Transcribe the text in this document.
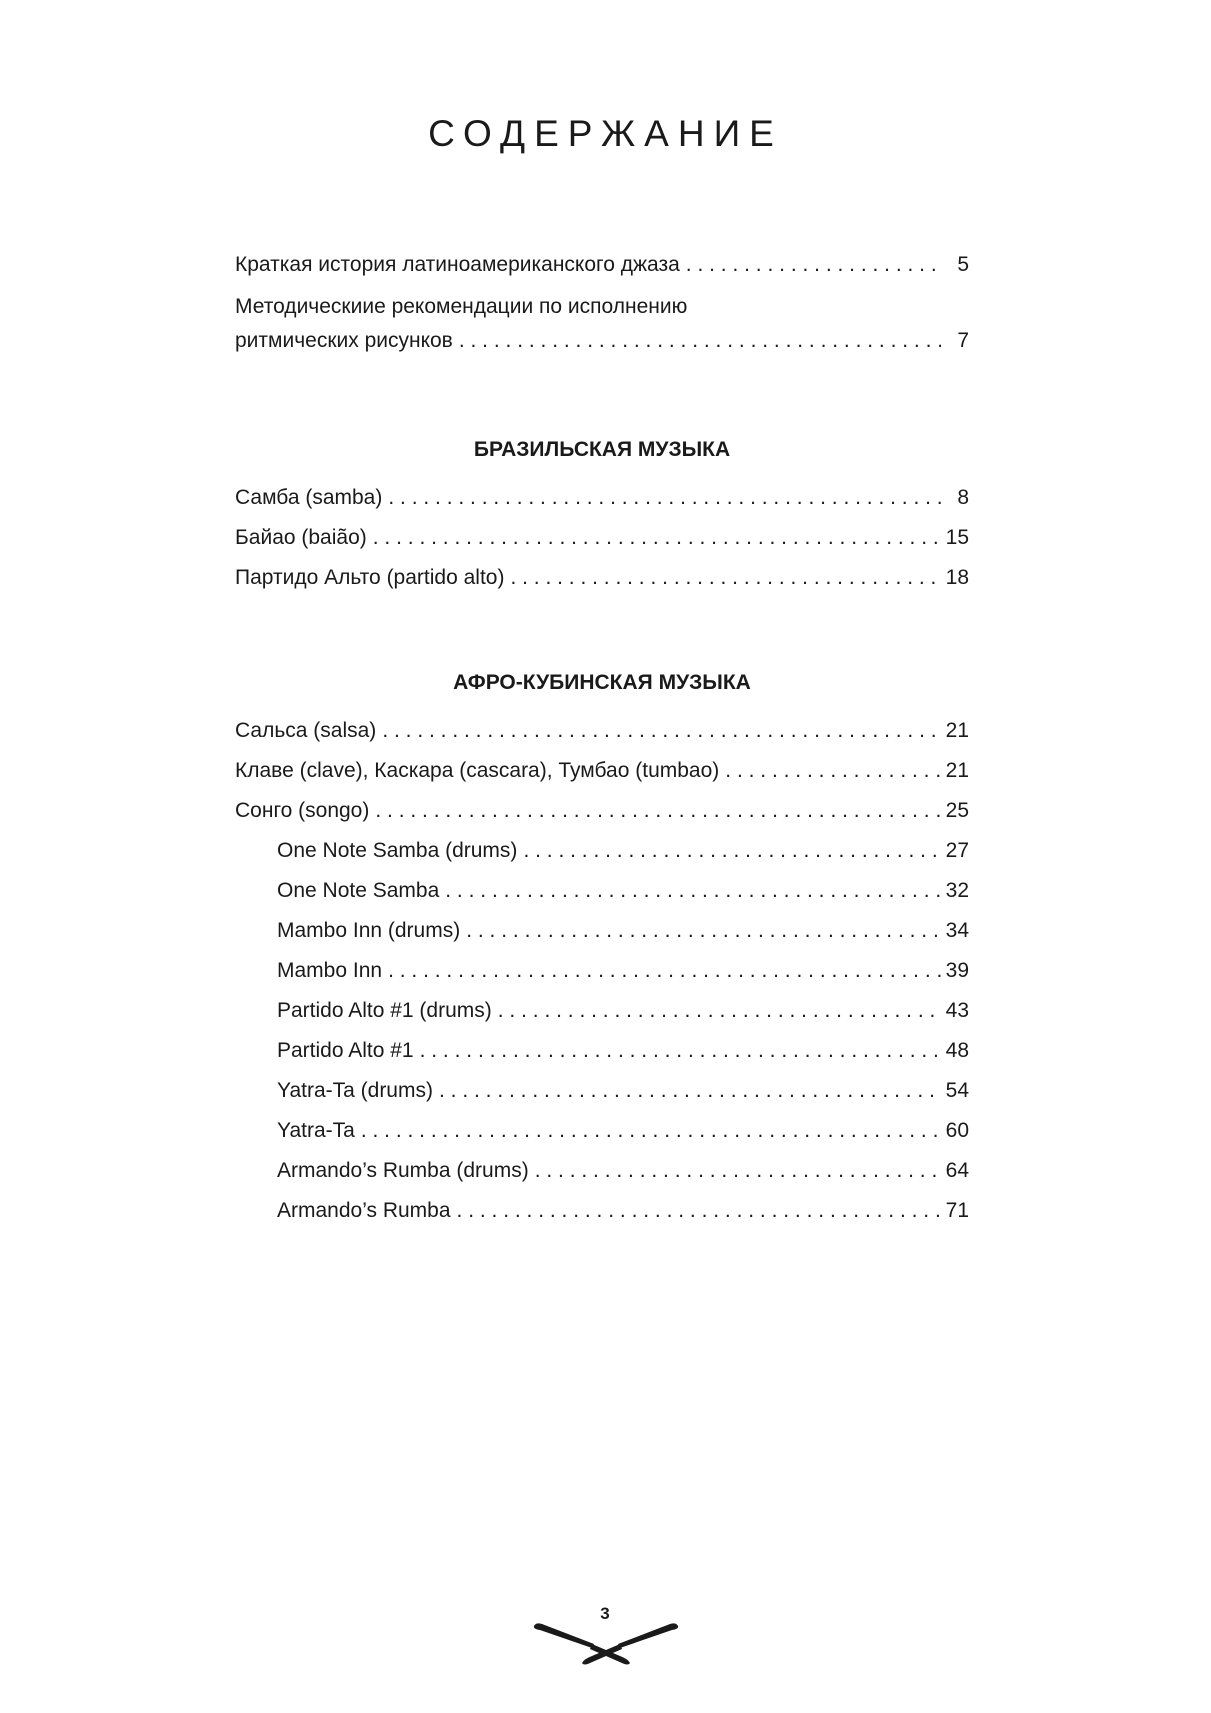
СОДЕРЖАНИЕ
Краткая история латиноамериканского джаза . . .	5
Методическиие рекомендации по исполнению
ритмических рисунков . . .	7
БРАЗИЛЬСКАЯ МУЗЫКА
Самба (samba) . . .	8
Байао (baião) . . .	15
Партидо Альто (partido alto) . . .	18
АФРО-КУБИНСКАЯ МУЗЫКА
Сальса (salsa) . . .	21
Клаве (clave), Каскара (cascara), Тумбао (tumbao) . . .	21
Сонго (songo) . . .	25
One Note Samba (drums) . . .	27
One Note Samba . . .	32
Mambo Inn (drums) . . .	34
Mambo Inn . . .	39
Partido Alto #1 (drums) . . .	43
Partido Alto #1 . . .	48
Yatra-Ta (drums) . . .	54
Yatra-Ta . . .	60
Armando’s Rumba (drums) . . .	64
Armando’s Rumba . . .	71
3
